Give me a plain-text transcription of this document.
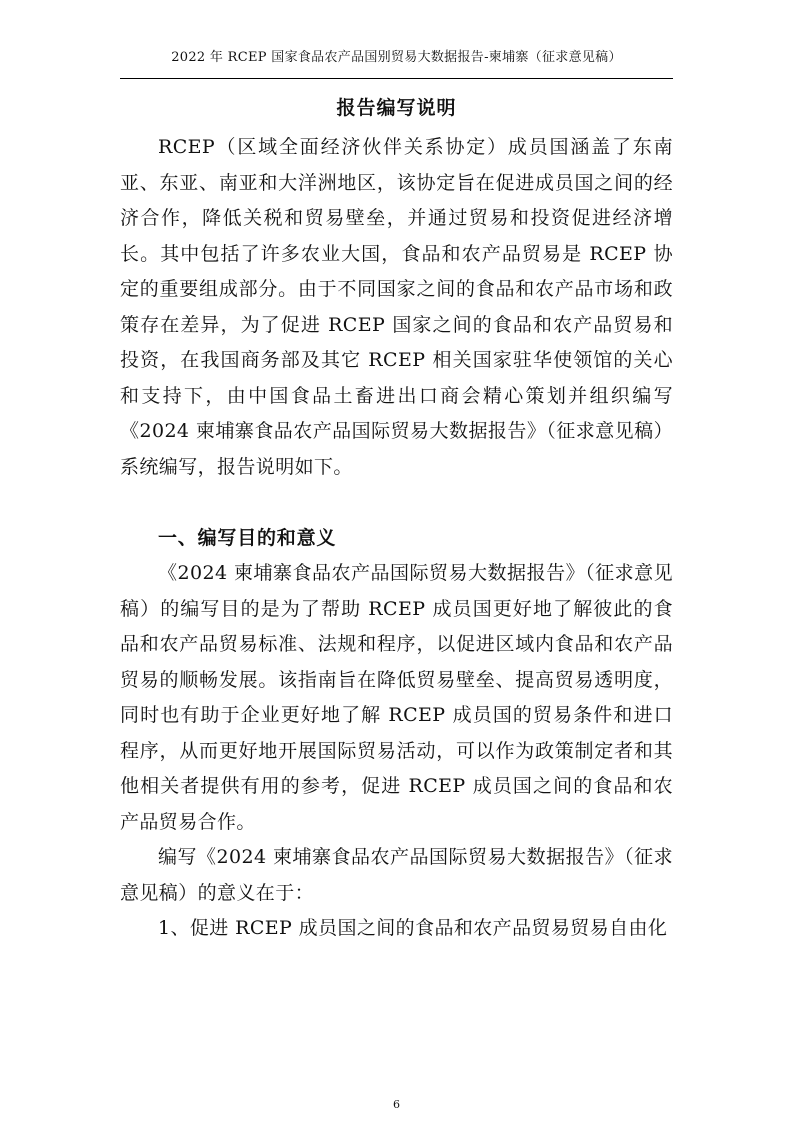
2022 年 RCEP 国家食品农产品国别贸易大数据报告-柬埔寨（征求意见稿）
报告编写说明

RCEP（区域全面经济伙伴关系协定）成员国涵盖了东南亚、东亚、南亚和大洋洲地区，该协定旨在促进成员国之间的经济合作，降低关税和贸易壁垒，并通过贸易和投资促进经济增长。其中包括了许多农业大国，食品和农产品贸易是 RCEP 协定的重要组成部分。由于不同国家之间的食品和农产品市场和政策存在差异，为了促进 RCEP 国家之间的食品和农产品贸易和投资，在我国商务部及其它 RCEP 相关国家驻华使领馆的关心和支持下，由中国食品土畜进出口商会精心策划并组织编写《2024 柬埔寨食品农产品国际贸易大数据报告》（征求意见稿）系统编写，报告说明如下。

一、编写目的和意义

《2024 柬埔寨食品农产品国际贸易大数据报告》（征求意见稿）的编写目的是为了帮助 RCEP 成员国更好地了解彼此的食品和农产品贸易标准、法规和程序，以促进区域内食品和农产品贸易的顺畅发展。该指南旨在降低贸易壁垒、提高贸易透明度，同时也有助于企业更好地了解 RCEP 成员国的贸易条件和进口程序，从而更好地开展国际贸易活动，可以作为政策制定者和其他相关者提供有用的参考，促进 RCEP 成员国之间的食品和农产品贸易合作。

编写《2024 柬埔寨食品农产品国际贸易大数据报告》（征求意见稿）的意义在于：

1、促进 RCEP 成员国之间的食品和农产品贸易贸易自由化

6
